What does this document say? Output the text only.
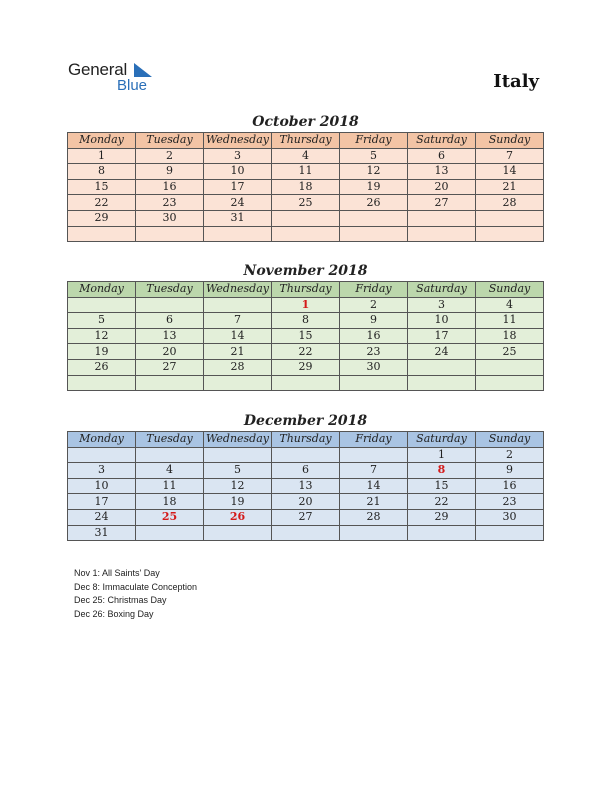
General
Blue	Italy
October 2018
Monday	Tuesday	Wednesday	Thursday	Friday	Saturday	Sunday
1	2	3	4	5	6	7
8	9	10	11	12	13	14
15	16	17	18	19	20	21
22	23	24	25	26	27	28
29	30	31				

November 2018
Monday	Tuesday	Wednesday	Thursday	Friday	Saturday	Sunday
			1	2	3	4
5	6	7	8	9	10	11
12	13	14	15	16	17	18
19	20	21	22	23	24	25
26	27	28	29	30		

December 2018
Monday	Tuesday	Wednesday	Thursday	Friday	Saturday	Sunday
					1	2
3	4	5	6	7	8	9
10	11	12	13	14	15	16
17	18	19	20	21	22	23
24	25	26	27	28	29	30
31						
Nov 1: All Saints' Day
Dec 8: Immaculate Conception
Dec 25: Christmas Day
Dec 26: Boxing Day
